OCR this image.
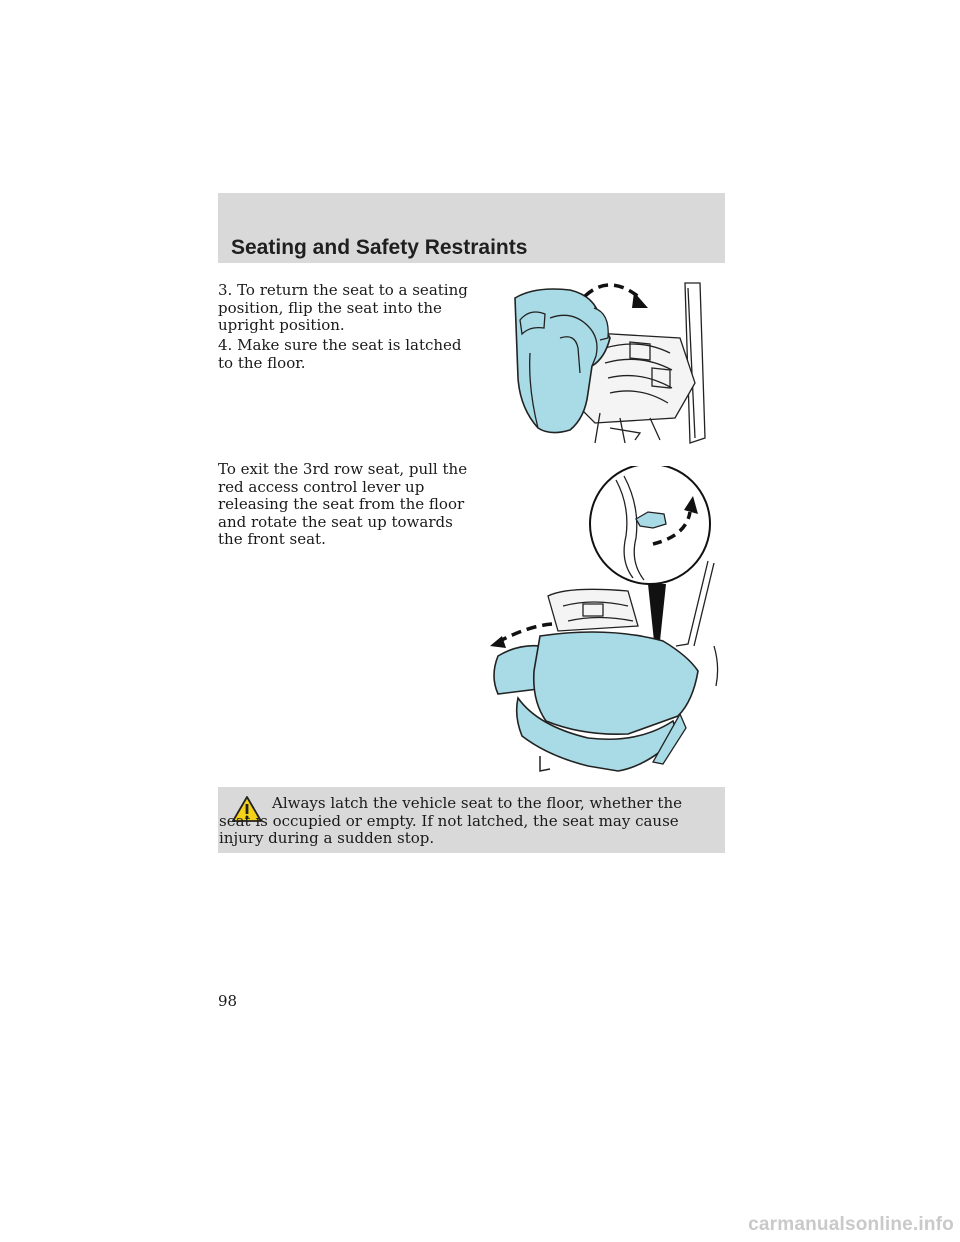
Seating and Safety Restraints

3. To return the seat to a seating position, flip the seat into the upright position.

4. Make sure the seat is latched to the floor.

To exit the 3rd row seat, pull the red access control lever up releasing the seat from the floor and rotate the seat up towards the front seat.

Always latch the vehicle seat to the floor, whether the seat is occupied or empty. If not latched, the seat may cause injury during a sudden stop.

98

carmanualsonline.info
